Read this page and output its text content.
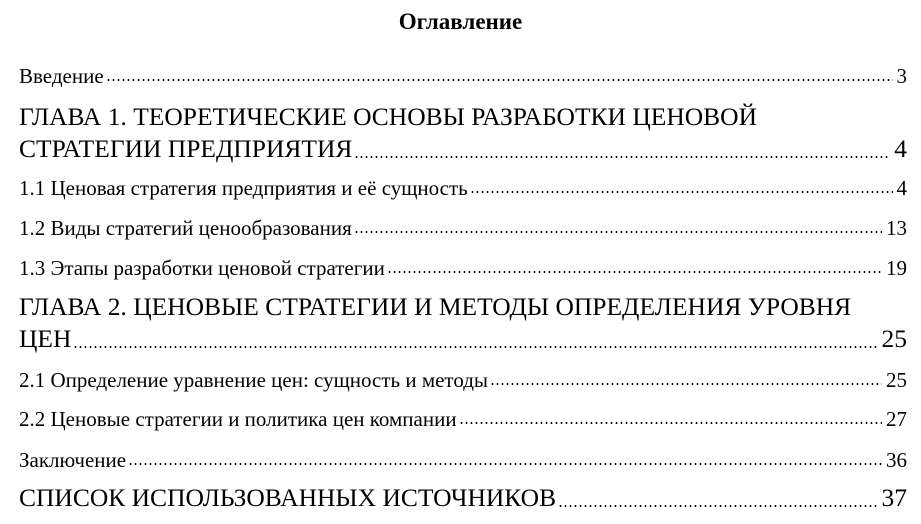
Оглавление
Введение	3
ГЛАВА 1. ТЕОРЕТИЧЕСКИЕ ОСНОВЫ РАЗРАБОТКИ ЦЕНОВОЙ
СТРАТЕГИИ ПРЕДПРИЯТИЯ	4
1.1 Ценовая стратегия предприятия и её сущность	4
1.2 Виды стратегий ценообразования	13
1.3 Этапы разработки ценовой стратегии	19
ГЛАВА 2. ЦЕНОВЫЕ СТРАТЕГИИ И МЕТОДЫ ОПРЕДЕЛЕНИЯ УРОВНЯ
ЦЕН	25
2.1 Определение уравнение цен: сущность и методы	25
2.2 Ценовые стратегии и политика цен компании	27
Заключение	36
СПИСОК ИСПОЛЬЗОВАННЫХ ИСТОЧНИКОВ	37
